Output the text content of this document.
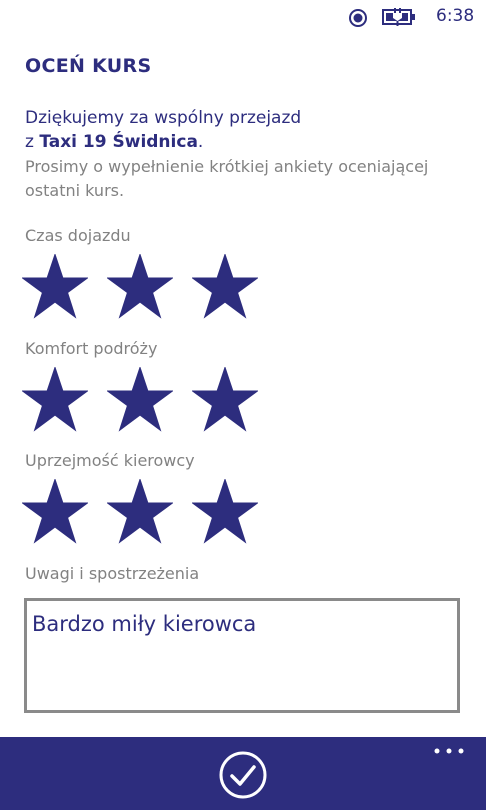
6:38
OCEŃ KURS
Dziękujemy za wspólny przejazd
z Taxi 19 Świdnica.
Prosimy o wypełnienie krótkiej ankiety oceniającej ostatni kurs.
Czas dojazdu
Komfort podróży
Uprzejmość kierowcy
Uwagi i spostrzeżenia
Bardzo miły kierowca
